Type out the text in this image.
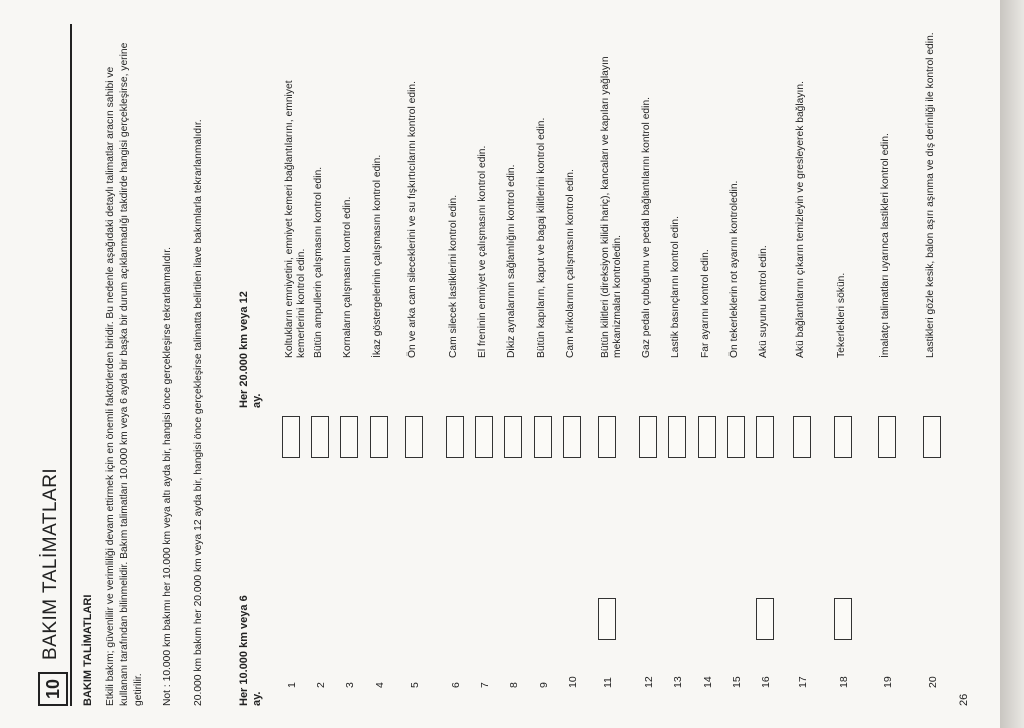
10
BAKIM TALİMATLARI BAKIM TALİMATLARI Etkili bakım; güvenlilir ve verimliliği devam ettirmek için en önemli faktörlerden biridir. Bu nedenle aşağıdaki detaylı talimatlar aracın sahibi ve kullananı tarafından bilinmelidir. Bakım talimatları 10.000 km veya 6 ayda bir başka bir durum açıklanmadığı takdirde hangisi gerçekleşirse, yerine getirilir. Not : 10.000 km bakımı her 10.000 km veya altı ayda bir, hangisi önce gerçekleşirse tekrarlanmalıdır. 20.000 km bakım her 20.000 km veya 12 ayda bir, hangisi önce gerçekleşirse talimatta belirtilen ilave bakımlarla tekrarlanmalıdır.	Her 10.000 km veya 6 ay.
Her 20.000 km veya 12 ay.
1
Koltukların emniyetini, emniyet kemeri bağlantılarını, emniyet kemerlerini kontrol edin.
2
Bütün ampullerin çalışmasını kontrol edin.
3
Kornaların çalışmasını kontrol edin.
4
İkaz göstergelerinin çalışmasını kontrol edin.
5
Ön ve arka cam sileceklerini ve su fışkırtıcılarını kontrol edin.
6
Cam silecek lastiklerini kontrol edin.
7
El freninin emniyet ve çalışmasını kontrol edin.
8
Dikiz aynalarının sağlamlığını kontrol edin.
9
Bütün kapıların, kaput ve bagaj kilitlerini kontrol edin.
10
Cam krikolarının çalışmasını kontrol edin.
11
Bütün kilitleri (direksiyon kilidi hariç), kancaları ve kapıları yağlayın mekanizmaları kontroledin.
12
Gaz pedalı çubuğunu ve pedal bağlantılarını kontrol edin.
13
Lastik basınçlarını kontrol edin.
14
Far ayarını kontrol edin.
15
Ön tekerleklerin rot ayarını kontroledin.
16
Akü suyunu kontrol edin.
17
Akü bağlantılarını çıkarın temizleyin ve gresleyerek bağlayın.
18
Tekerlekleri sökün.
19
İmalatçı talimatları uyarınca lastikleri kontrol edin.
20
Lastikleri gözle kesik, balon aşırı aşınma ve dış derinliği ile kontrol edin.
26
